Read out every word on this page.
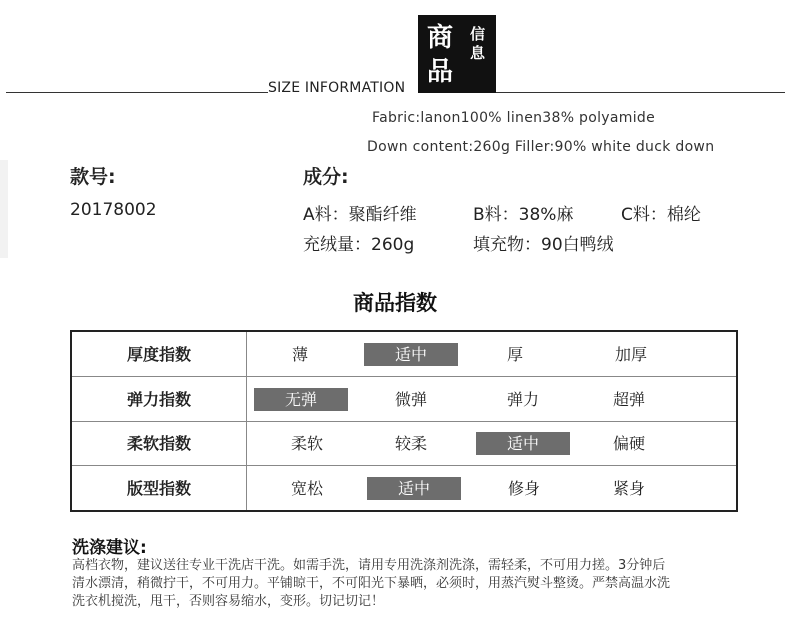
SIZE INFORMATION
商
品
信
息
Fabric:lanon100% linen38% polyamide
Down content:260g Filler:90% white duck down
款号:
20178002
成分:
A料：聚酯纤维	B料：38%麻	C料：棉纶
充绒量：260g	填充物：90白鸭绒
商品指数
厚度指数	薄	适中	厚	加厚
弹力指数	无弹	微弹	弹力	超弹
柔软指数	柔软	较柔	适中	偏硬
版型指数	宽松	适中	修身	紧身
洗涤建议:
高档衣物，建议送往专业干洗店干洗。如需手洗，请用专用洗涤剂洗涤，需轻柔，不可用力搓。3分钟后
清水漂清，稍微拧干，不可用力。平铺晾干，不可阳光下暴晒，必须时，用蒸汽熨斗整烫。严禁高温水洗
洗衣机搅洗，甩干，否则容易缩水，变形。切记切记！
